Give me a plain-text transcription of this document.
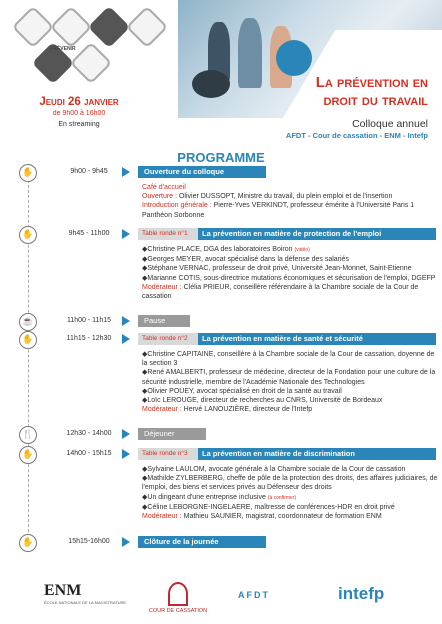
PRÉVENIR
La prévention en
droit du travail
Colloque annuel
AFDT - Cour de cassation - ENM - Intefp
Jeudi 26 janvier
de 9h00 à 16h00
En streaming
PROGRAMME
✋	9h00 - 9h45	Ouverture du colloque
Café d'accueil
Ouverture : Olivier DUSSOPT, Ministre du travail, du plein emploi et de l'insertion
Introduction générale : Pierre-Yves VERKINDT, professeur émérite à l'Université Paris 1 Panthéon Sorbonne
✋	9h45 - 11h00	Table ronde n°1	La prévention en matière de protection de l'emploi
◆Christine PLACE, DGA des laboratoires Boiron (vidéo)
◆Georges MEYER, avocat spécialisé dans la défense des salariés
◆Stéphane VERNAC, professeur de droit privé, Université Jean-Monnet, Saint-Etienne
◆Marianne COTIS, sous-directrice mutations économiques et sécurisation de l'emploi, DGEFP
Modérateur : Clélia PRIEUR, conseillère référendaire à la Chambre sociale de la Cour de cassation
☕	11h00 - 11h15	Pause
✋	11h15 - 12h30	Table ronde n°2	La prévention en matière de santé et sécurité
◆Christine CAPITAINE, conseillère à la Chambre sociale de la Cour de cassation, doyenne de la section 3
◆René AMALBERTI, professeur de médecine, directeur de la Fondation pour une culture de la sécurité industrielle, membre de l'Académie Nationale des Technologies
◆Olivier POUEY, avocat spécialisé en droit de la santé au travail
◆Loïc LEROUGE, directeur de recherches au CNRS, Université de Bordeaux
Modérateur : Hervé LANOUZIÈRE, directeur de l'Intefp
🍴	12h30 - 14h00	Déjeuner
✋	14h00 - 15h15	Table ronde n°3	La prévention en matière de discrimination
◆Sylvaine LAULOM, avocate générale à la Chambre sociale de la Cour de cassation
◆Mathilde ZYLBERBERG, cheffe de pôle de la protection des droits, des affaires judiciaires, de l'emploi, des biens et services privés au Défenseur des droits
◆Un dirigeant d'une entreprise inclusive (à confirmer)
◆Céline LEBORGNE-INGELAERE, maîtresse de conférences-HDR en droit privé
Modérateur : Mathieu SAUNIER, magistrat, coordonnateur de formation ENM
✋	15h15-16h00	Clôture de la journée
ENM
ÉCOLE NATIONALE DE LA MAGISTRATURE
COUR DE CASSATION
AFDT	intefp
